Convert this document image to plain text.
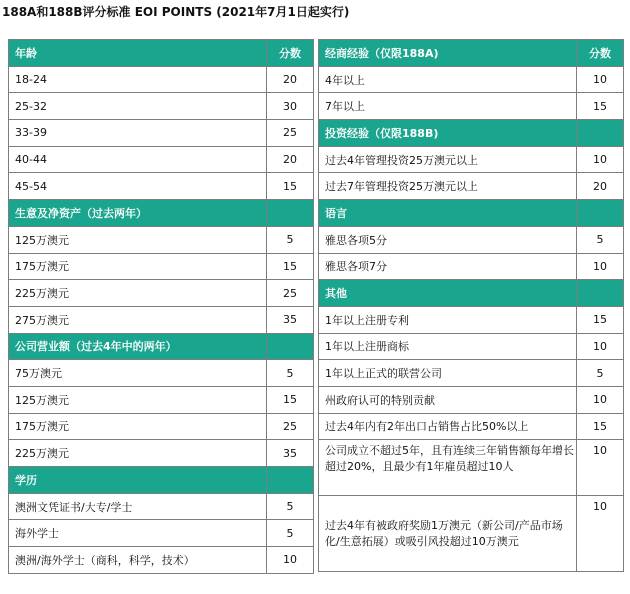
188A和188B评分标准 EOI POINTS (2021年7月1日起实行)
年龄	分数
18-24	20
25-32	30
33-39	25
40-44	20
45-54	15
生意及净资产（过去两年）	
125万澳元	5
175万澳元	15
225万澳元	25
275万澳元	35
公司营业额（过去4年中的两年）	
75万澳元	5
125万澳元	15
175万澳元	25
225万澳元	35
学历	
澳洲文凭证书/大专/学士	5
海外学士	5
澳洲/海外学士（商科，科学，技术）	10
经商经验（仅限188A)	分数
4年以上	10
7年以上	15
投资经验（仅限188B)	
过去4年管理投资25万澳元以上	10
过去7年管理投资25万澳元以上	20
语言	
雅思各项5分	5
雅思各项7分	10
其他	
1年以上注册专利	15
1年以上注册商标	10
1年以上正式的联营公司	5
州政府认可的特别贡献	10
过去4年内有2年出口占销售占比50%以上	15
公司成立不超过5年，且有连续三年销售额每年增长超过20%，且最少有1年雇员超过10人	10
过去4年有被政府奖励1万澳元（新公司/产品市场化/生意拓展）或吸引风投超过10万澳元	10
